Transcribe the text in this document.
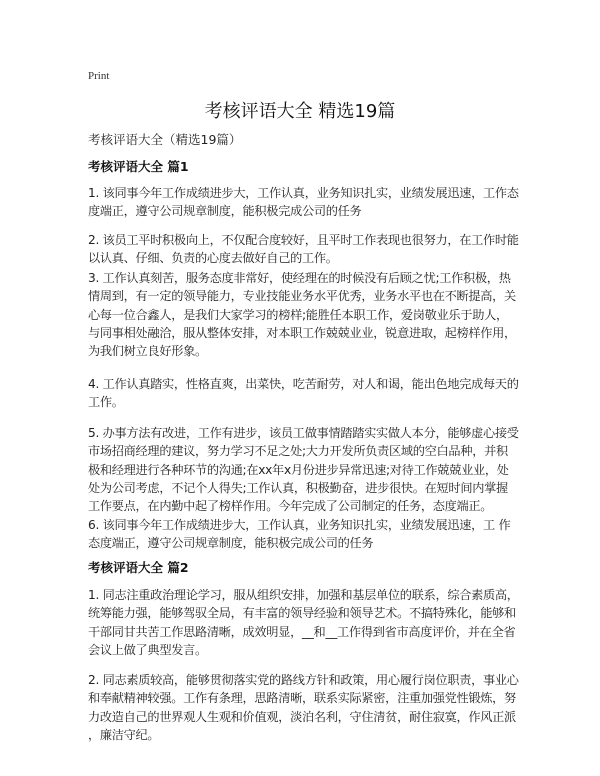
Print
考核评语大全 精选19篇
考核评语大全（精选19篇）
考核评语大全 篇1
1. 该同事今年工作成绩进步大，工作认真，业务知识扎实，业绩发展迅速，工作态
度端正，遵守公司规章制度，能积极完成公司的任务
2. 该员工平时积极向上，不仅配合度较好，且平时工作表现也很努力，在工作时能
以认真、仔细、负责的心度去做好自己的工作。
3. 工作认真刻苦，服务态度非常好，使经理在的时候没有后顾之忧;工作积极，热
情周到，有一定的领导能力，专业技能业务水平优秀，业务水平也在不断提高，关
心每一位合鑫人，是我们大家学习的榜样;能胜任本职工作，爱岗敬业乐于助人，
与同事相处融洽，服从整体安排，对本职工作兢兢业业，锐意进取，起榜样作用，
为我们树立良好形象。
4. 工作认真踏实，性格直爽，出菜快，吃苦耐劳，对人和谒，能出色地完成每天的
工作。
5. 办事方法有改进，工作有进步，该员工做事情踏踏实实做人本分，能够虚心接受
市场招商经理的建议，努力学习不足之处;大力开发所负责区域的空白品种，并积
极和经理进行各种环节的沟通;在xx年x月份进步异常迅速;对待工作兢兢业业，处
处为公司考虑，不记个人得失;工作认真，积极勤奋，进步很快。在短时间内掌握
工作要点，在内勤中起了榜样作用。今年完成了公司制定的任务，态度端正。
6. 该同事今年工作成绩进步大，工作认真，业务知识扎实，业绩发展迅速，工 作
态度端正，遵守公司规章制度，能积极完成公司的任务
考核评语大全 篇2
1. 同志注重政治理论学习，服从组织安排，加强和基层单位的联系，综合素质高，
统筹能力强，能够驾驭全局，有丰富的领导经验和领导艺术。不搞特殊化，能够和
干部同甘共苦工作思路清晰，成效明显，__和__工作得到省市高度评价，并在全省
会议上做了典型发言。
2. 同志素质较高，能够贯彻落实党的路线方针和政策，用心履行岗位职责，事业心
和奉献精神较强。工作有条理，思路清晰，联系实际紧密，注重加强党性锻炼，努
力改造自己的世界观人生观和价值观，淡泊名利，守住清贫，耐住寂寞，作风正派
，廉洁守纪。
